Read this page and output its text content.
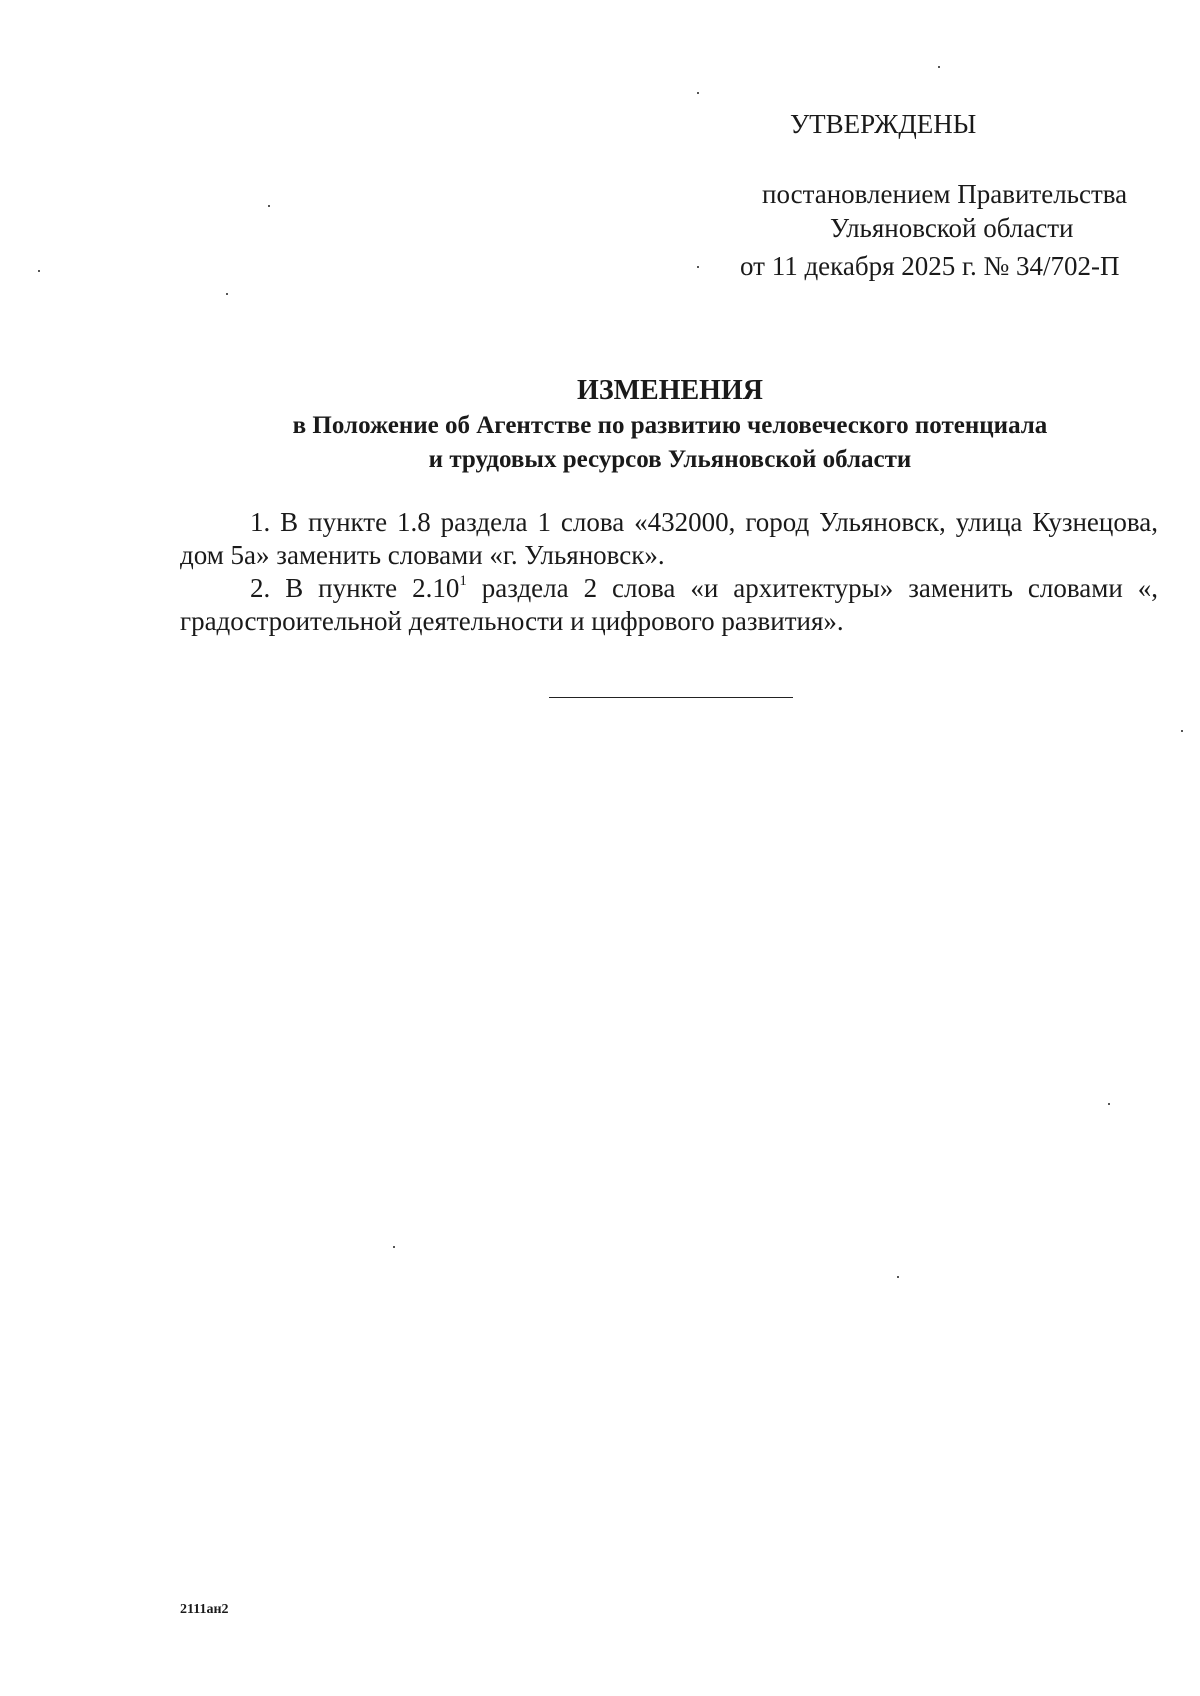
УТВЕРЖДЕНЫ
постановлением Правительства
Ульяновской области
от 11 декабря 2025 г. № 34/702-П
ИЗМЕНЕНИЯ
в Положение об Агентстве по развитию человеческого потенциала
и трудовых ресурсов Ульяновской области

1. В пункте 1.8 раздела 1 слова «432000, город Ульяновск, улица Кузнецова, дом 5а» заменить словами «г. Ульяновск».

2. В пункте 2.10$^1$ раздела 2 слова «и архитектуры» заменить словами «, градостроительной деятельности и цифрового развития».

2111ан2
